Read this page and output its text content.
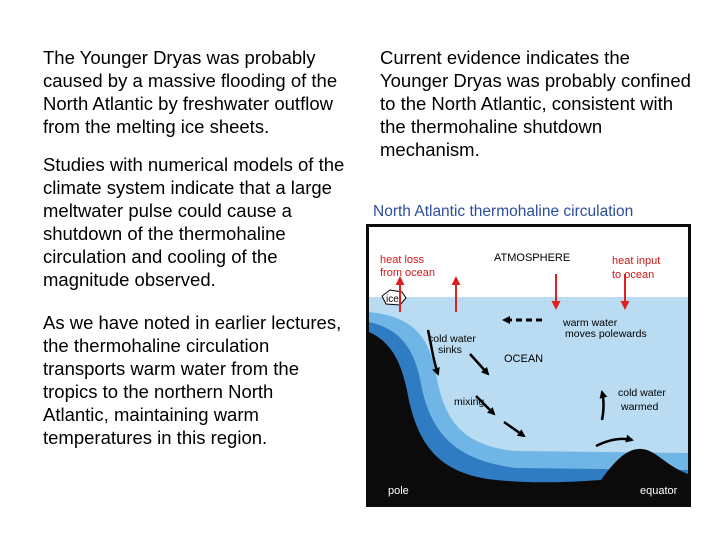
The Younger Dryas was probably caused by a massive flooding of the North Atlantic by freshwater outflow from the melting ice sheets.

Studies with numerical models of the climate system indicate that a large meltwater pulse could cause a shutdown of the thermohaline circulation and cooling of the magnitude observed.

As we have noted in earlier lectures, the thermohaline circulation transports warm water from the tropics to the northern North Atlantic, maintaining warm temperatures in this region.

Current evidence indicates the Younger Dryas was probably confined to the North Atlantic, consistent with the thermohaline shutdown mechanism.

North Atlantic thermohaline circulation
ATMOSPHERE
heat loss
from ocean
heat input
to ocean
ice
warm water
moves polewards
cold water
sinks
OCEAN
mixing
cold water
warmed
pole	equator
